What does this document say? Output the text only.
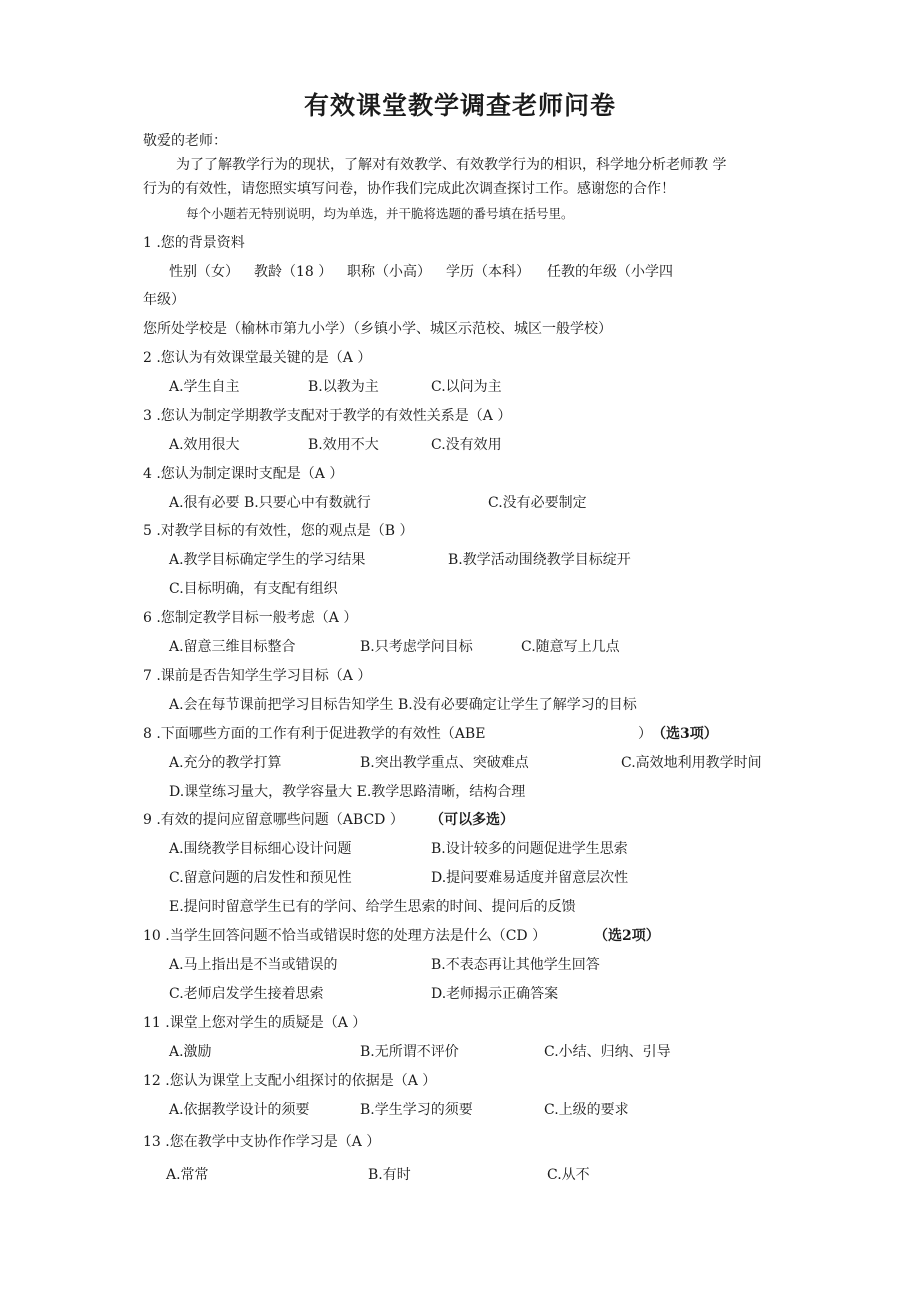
有效课堂教学调查老师问卷
敬爱的老师：
为了了解教学行为的现状，了解对有效教学、有效教学行为的相识，科学地分析老师教 学
行为的有效性，请您照实填写问卷，协作我们完成此次调查探讨工作。感谢您的合作！
每个小题若无特别说明，均为单选，并干脆将选题的番号填在括号里。
1 .您的背景资料
性别（女） 教龄（18 ） 职称（小高） 学历（本科） 任教的年级（小学四
年级）
您所处学校是（榆林市第九小学）（乡镇小学、城区示范校、城区一般学校）
2 .您认为有效课堂最关键的是（A ）
A.学生自主	B.以教为主	C.以问为主
3 .您认为制定学期教学支配对于教学的有效性关系是（A ）
A.效用很大	B.效用不大	C.没有效用
4 .您认为制定课时支配是（A ）
A.很有必要 B.只要心中有数就行	C.没有必要制定
5 .对教学目标的有效性，您的观点是（B ）
A.教学目标确定学生的学习结果	B.教学活动围绕教学目标绽开
C.目标明确，有支配有组织
6 .您制定教学目标一般考虑（A ）
A.留意三维目标整合	B.只考虑学问目标	C.随意写上几点
7 .课前是否告知学生学习目标（A ）
A.会在每节课前把学习目标告知学生 B.没有必要确定让学生了解学习的目标
8 .下面哪些方面的工作有利于促进教学的有效性（ABE	） （选3项）
A.充分的教学打算	B.突出教学重点、突破难点	C.高效地利用教学时间
D.课堂练习量大，教学容量大 E.教学思路清晰，结构合理
9 .有效的提问应留意哪些问题（ABCD ） （可以多选）
A.围绕教学目标细心设计问题	B.设计较多的问题促进学生思索
C.留意问题的启发性和预见性	D.提问要难易适度并留意层次性
E.提问时留意学生已有的学问、给学生思索的时间、提问后的反馈
10 .当学生回答问题不恰当或错误时您的处理方法是什么（CD ）	（选2项）
A.马上指出是不当或错误的	B.不表态再让其他学生回答
C.老师启发学生接着思索	D.老师揭示正确答案
11 .课堂上您对学生的质疑是（A ）
A.激励	B.无所谓不评价	C.小结、归纳、引导
12 .您认为课堂上支配小组探讨的依据是（A ）
A.依据教学设计的须要	B.学生学习的须要	C.上级的要求
13 .您在教学中支协作作学习是（A ）
A.常常	B.有时	C.从不
